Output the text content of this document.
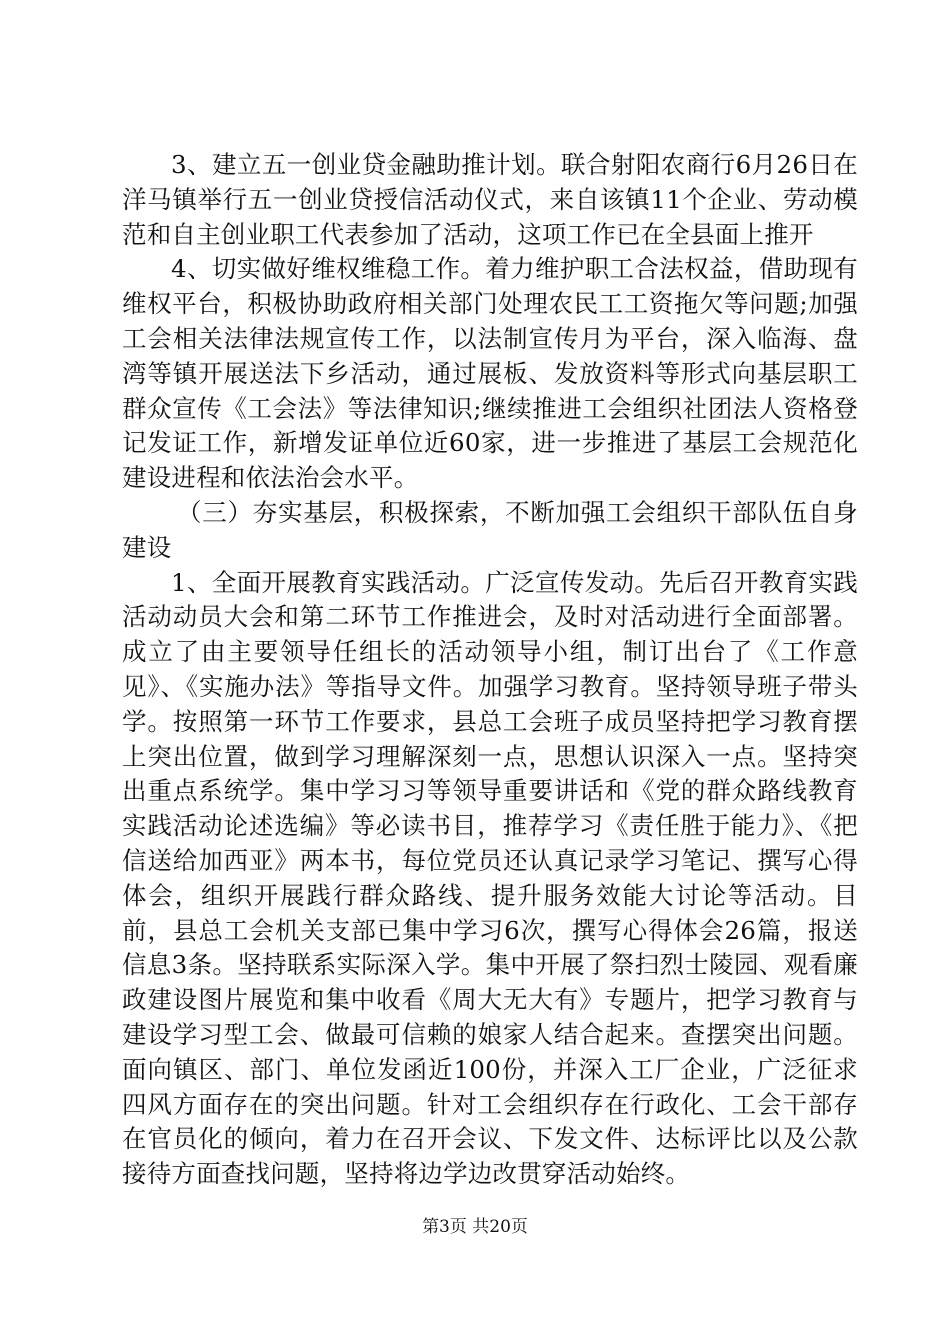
3、建立五一创业贷金融助推计划。联合射阳农商行6月26日在洋马镇举行五一创业贷授信活动仪式，来自该镇11个企业、劳动模范和自主创业职工代表参加了活动，这项工作已在全县面上推开

4、切实做好维权维稳工作。着力维护职工合法权益，借助现有维权平台，积极协助政府相关部门处理农民工工资拖欠等问题;加强工会相关法律法规宣传工作，以法制宣传月为平台，深入临海、盘湾等镇开展送法下乡活动，通过展板、发放资料等形式向基层职工群众宣传《工会法》等法律知识;继续推进工会组织社团法人资格登记发证工作，新增发证单位近60家，进一步推进了基层工会规范化建设进程和依法治会水平。

（三）夯实基层，积极探索，不断加强工会组织干部队伍自身建设

1、全面开展教育实践活动。广泛宣传发动。先后召开教育实践活动动员大会和第二环节工作推进会，及时对活动进行全面部署。成立了由主要领导任组长的活动领导小组，制订出台了《工作意见》、《实施办法》等指导文件。加强学习教育。坚持领导班子带头学。按照第一环节工作要求，县总工会班子成员坚持把学习教育摆上突出位置，做到学习理解深刻一点，思想认识深入一点。坚持突出重点系统学。集中学习习等领导重要讲话和《党的群众路线教育实践活动论述选编》等必读书目，推荐学习《责任胜于能力》、《把信送给加西亚》两本书，每位党员还认真记录学习笔记、撰写心得体会，组织开展践行群众路线、提升服务效能大讨论等活动。目前，县总工会机关支部已集中学习6次，撰写心得体会26篇，报送信息3条。坚持联系实际深入学。集中开展了祭扫烈士陵园、观看廉政建设图片展览和集中收看《周大无大有》专题片，把学习教育与建设学习型工会、做最可信赖的娘家人结合起来。查摆突出问题。面向镇区、部门、单位发函近100份，并深入工厂企业，广泛征求四风方面存在的突出问题。针对工会组织存在行政化、工会干部存在官员化的倾向，着力在召开会议、下发文件、达标评比以及公款接待方面查找问题，坚持将边学边改贯穿活动始终。

第3页 共20页
